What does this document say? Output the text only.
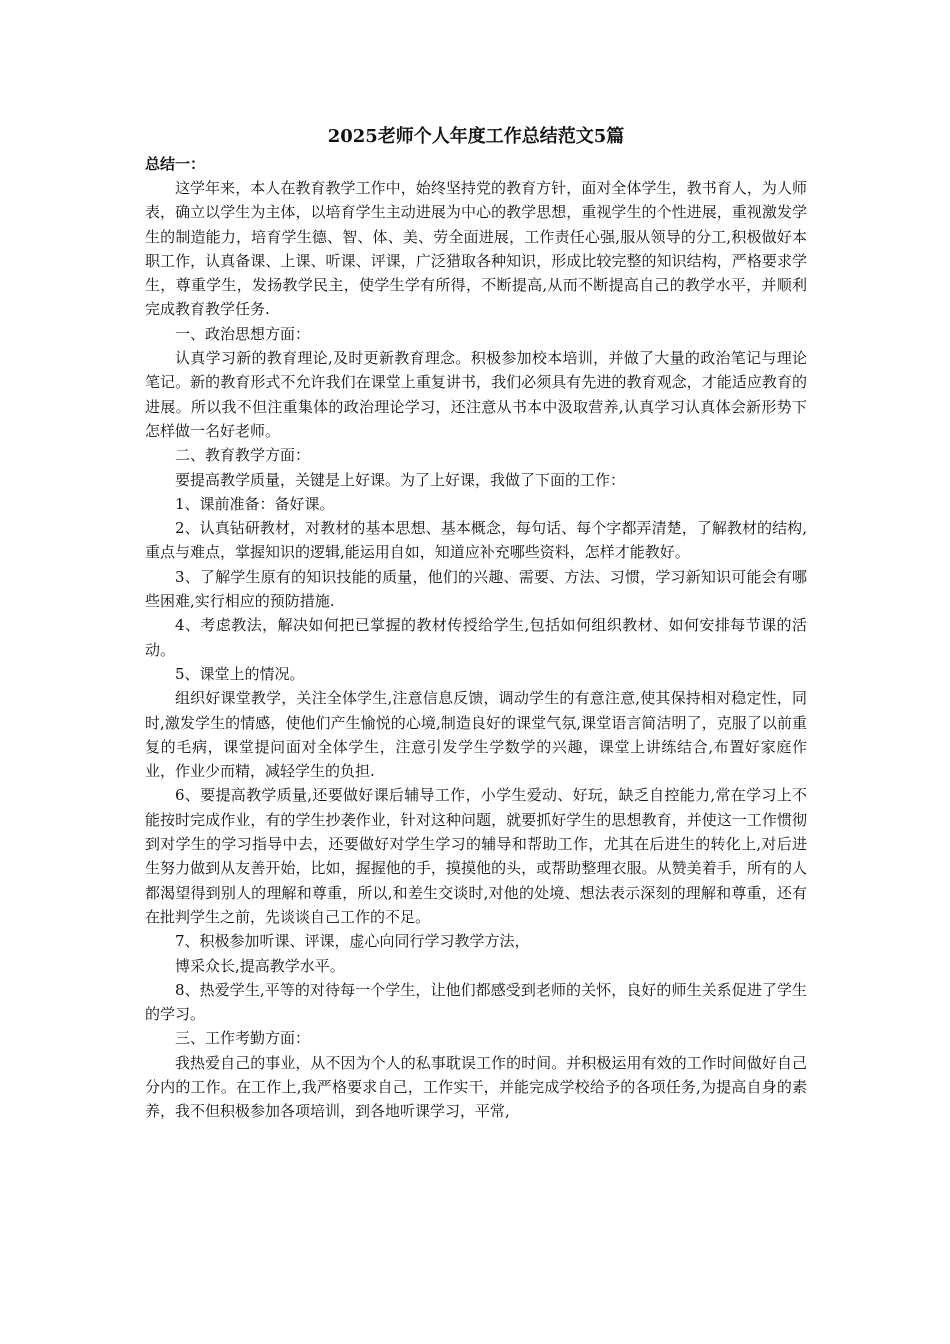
2025老师个人年度工作总结范文5篇
总结一：

这学年来，本人在教育教学工作中，始终坚持党的教育方针，面对全体学生，教书育人，为人师表，确立以学生为主体，以培育学生主动进展为中心的教学思想，重视学生的个性进展，重视激发学生的制造能力，培育学生德、智、体、美、劳全面进展，工作责任心强,服从领导的分工,积极做好本职工作，认真备课、上课、听课、评课，广泛猎取各种知识，形成比较完整的知识结构，严格要求学生，尊重学生，发扬教学民主，使学生学有所得，不断提高,从而不断提高自己的教学水平，并顺利完成教育教学任务.

一、政治思想方面：

认真学习新的教育理论,及时更新教育理念。积极参加校本培训，并做了大量的政治笔记与理论笔记。新的教育形式不允许我们在课堂上重复讲书，我们必须具有先进的教育观念，才能适应教育的进展。所以我不但注重集体的政治理论学习，还注意从书本中汲取营养,认真学习认真体会新形势下怎样做一名好老师。

二、教育教学方面：

要提高教学质量，关键是上好课。为了上好课，我做了下面的工作：

1、课前准备：备好课。

2、认真钻研教材，对教材的基本思想、基本概念，每句话、每个字都弄清楚，了解教材的结构,重点与难点，掌握知识的逻辑,能运用自如，知道应补充哪些资料，怎样才能教好。

3、了解学生原有的知识技能的质量，他们的兴趣、需要、方法、习惯，学习新知识可能会有哪些困难,实行相应的预防措施.

4、考虑教法，解决如何把已掌握的教材传授给学生,包括如何组织教材、如何安排每节课的活动。

5、课堂上的情况。

组织好课堂教学，关注全体学生,注意信息反馈，调动学生的有意注意,使其保持相对稳定性，同时,激发学生的情感，使他们产生愉悦的心境,制造良好的课堂气氛,课堂语言简洁明了，克服了以前重复的毛病，课堂提问面对全体学生，注意引发学生学数学的兴趣，课堂上讲练结合,布置好家庭作业，作业少而精，减轻学生的负担.

6、要提高教学质量,还要做好课后辅导工作，小学生爱动、好玩，缺乏自控能力,常在学习上不能按时完成作业，有的学生抄袭作业，针对这种问题，就要抓好学生的思想教育，并使这一工作惯彻到对学生的学习指导中去，还要做好对学生学习的辅导和帮助工作，尤其在后进生的转化上,对后进生努力做到从友善开始，比如，握握他的手，摸摸他的头，或帮助整理衣服。从赞美着手，所有的人都渴望得到别人的理解和尊重，所以,和差生交谈时,对他的处境、想法表示深刻的理解和尊重，还有在批判学生之前，先谈谈自己工作的不足。

7、积极参加听课、评课，虚心向同行学习教学方法，

博采众长,提高教学水平。

8、热爱学生,平等的对待每一个学生，让他们都感受到老师的关怀，良好的师生关系促进了学生的学习。

三、工作考勤方面：

我热爱自己的事业，从不因为个人的私事耽误工作的时间。并积极运用有效的工作时间做好自己分内的工作。在工作上,我严格要求自己，工作实干，并能完成学校给予的各项任务,为提高自身的素养，我不但积极参加各项培训，到各地听课学习，平常,
